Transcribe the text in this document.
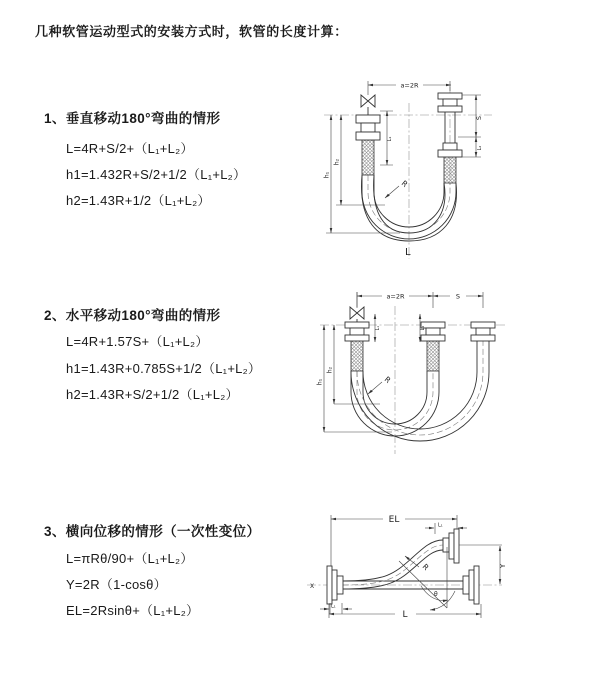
几种软管运动型式的安装方式时，软管的长度计算：
1、垂直移动180°弯曲的情形
L=4R+S/2+（L₁+L₂）
h1=1.432R+S/2+1/2（L₁+L₂）
h2=1.43R+1/2（L₁+L₂）
2、水平移动180°弯曲的情形
L=4R+1.57S+（L₁+L₂）
h1=1.43R+0.785S+1/2（L₁+L₂）
h2=1.43R+S/2+1/2（L₁+L₂）
3、横向位移的情形（一次性变位）
L=πRθ/90+（L₁+L₂）
Y=2R（1-cosθ）
EL=2Rsinθ+（L₁+L₂）
a=2R
S
L₂
L₁
h₁
h₂
R
L
a=2R	S
h₁
h₂
L₁	L₂
R
X
EL
L₁
Y
θ
R
L₁
L
